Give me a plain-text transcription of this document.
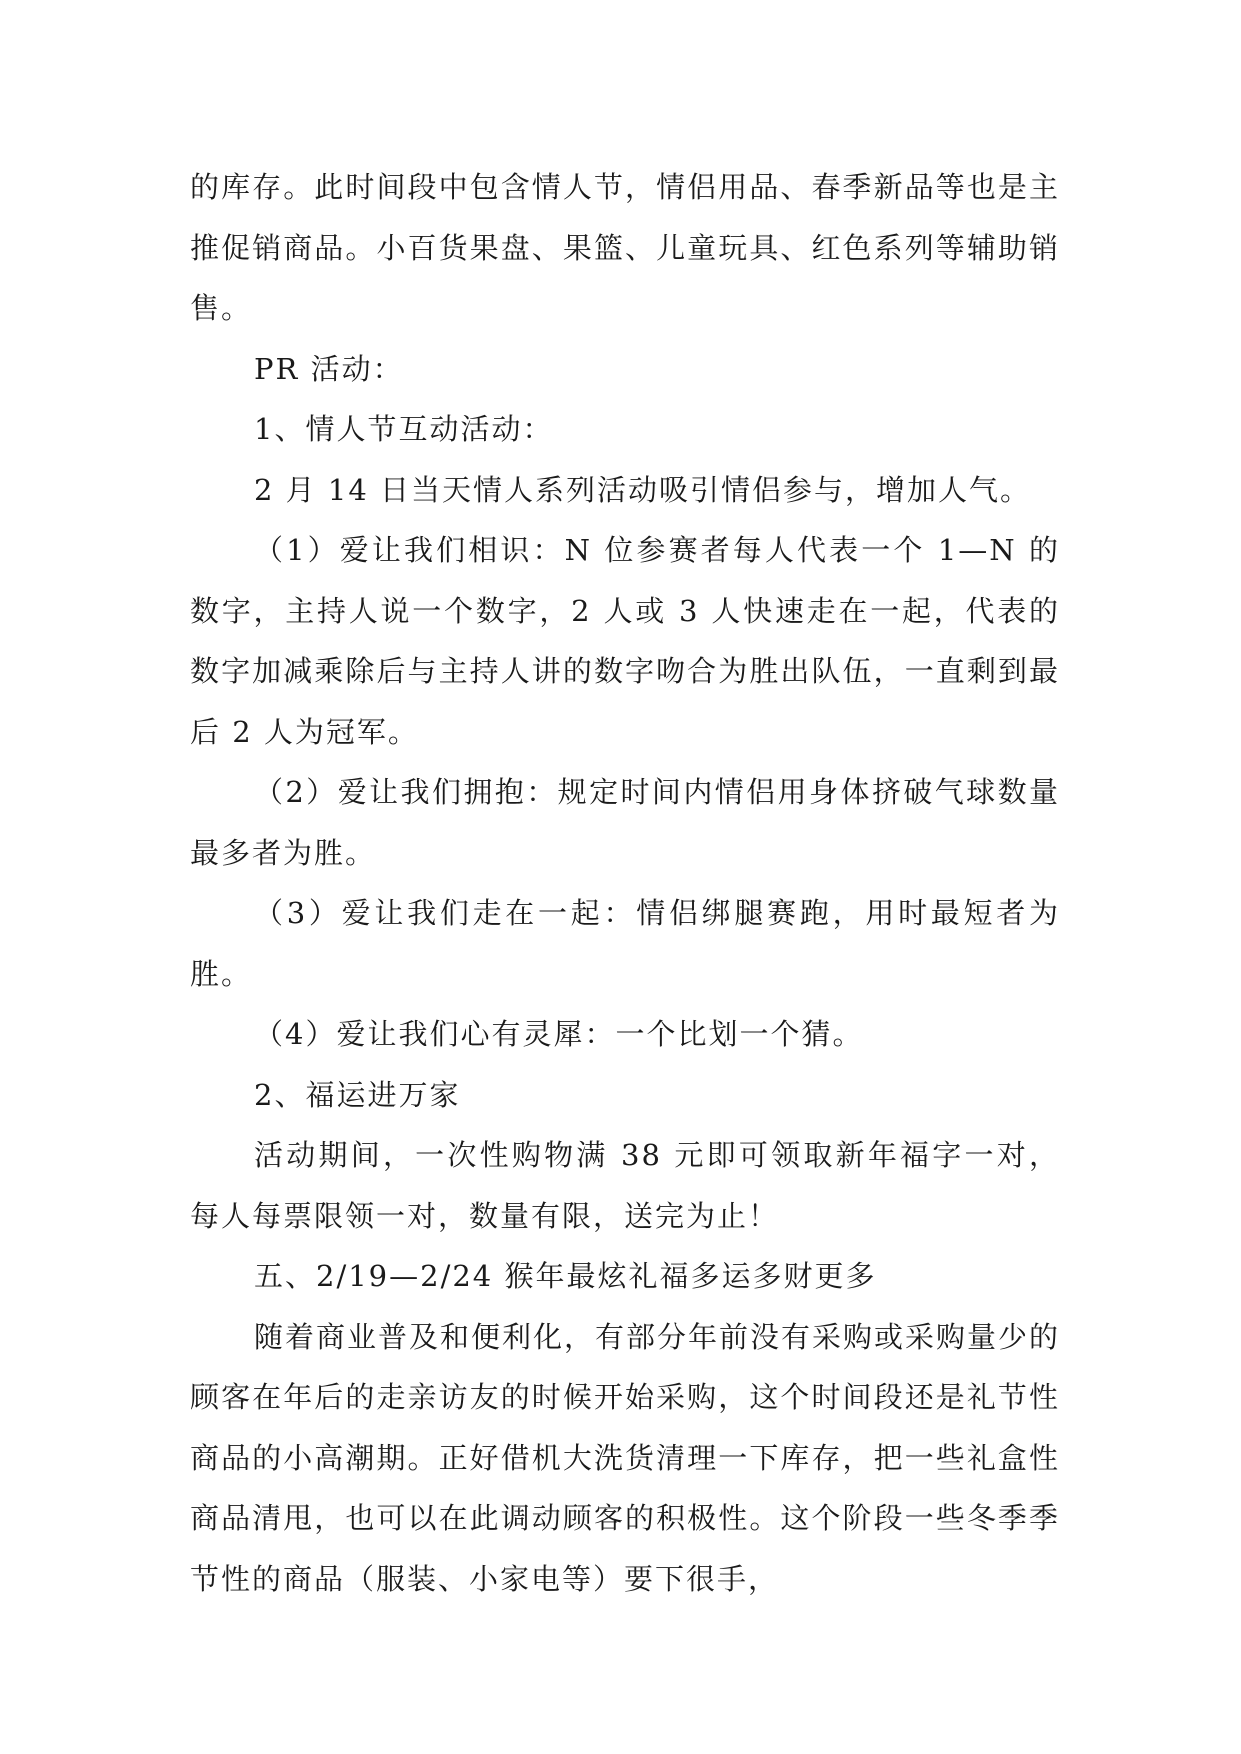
的库存。此时间段中包含情人节，情侣用品、春季新品等也是主推促销商品。小百货果盘、果篮、儿童玩具、红色系列等辅助销售。

PR 活动：

1、情人节互动活动：

2 月 14 日当天情人系列活动吸引情侣参与，增加人气。

（1）爱让我们相识：N 位参赛者每人代表一个 1—N 的数字，主持人说一个数字，2 人或 3 人快速走在一起，代表的数字加减乘除后与主持人讲的数字吻合为胜出队伍，一直剩到最后 2 人为冠军。

（2）爱让我们拥抱：规定时间内情侣用身体挤破气球数量最多者为胜。

（3）爱让我们走在一起：情侣绑腿赛跑，用时最短者为胜。

（4）爱让我们心有灵犀：一个比划一个猜。

2、福运进万家

活动期间，一次性购物满 38 元即可领取新年福字一对，每人每票限领一对，数量有限，送完为止！

五、2/19—2/24 猴年最炫礼福多运多财更多

随着商业普及和便利化，有部分年前没有采购或采购量少的顾客在年后的走亲访友的时候开始采购，这个时间段还是礼节性商品的小高潮期。正好借机大洗货清理一下库存，把一些礼盒性商品清甩，也可以在此调动顾客的积极性。这个阶段一些冬季季节性的商品（服装、小家电等）要下很手，
